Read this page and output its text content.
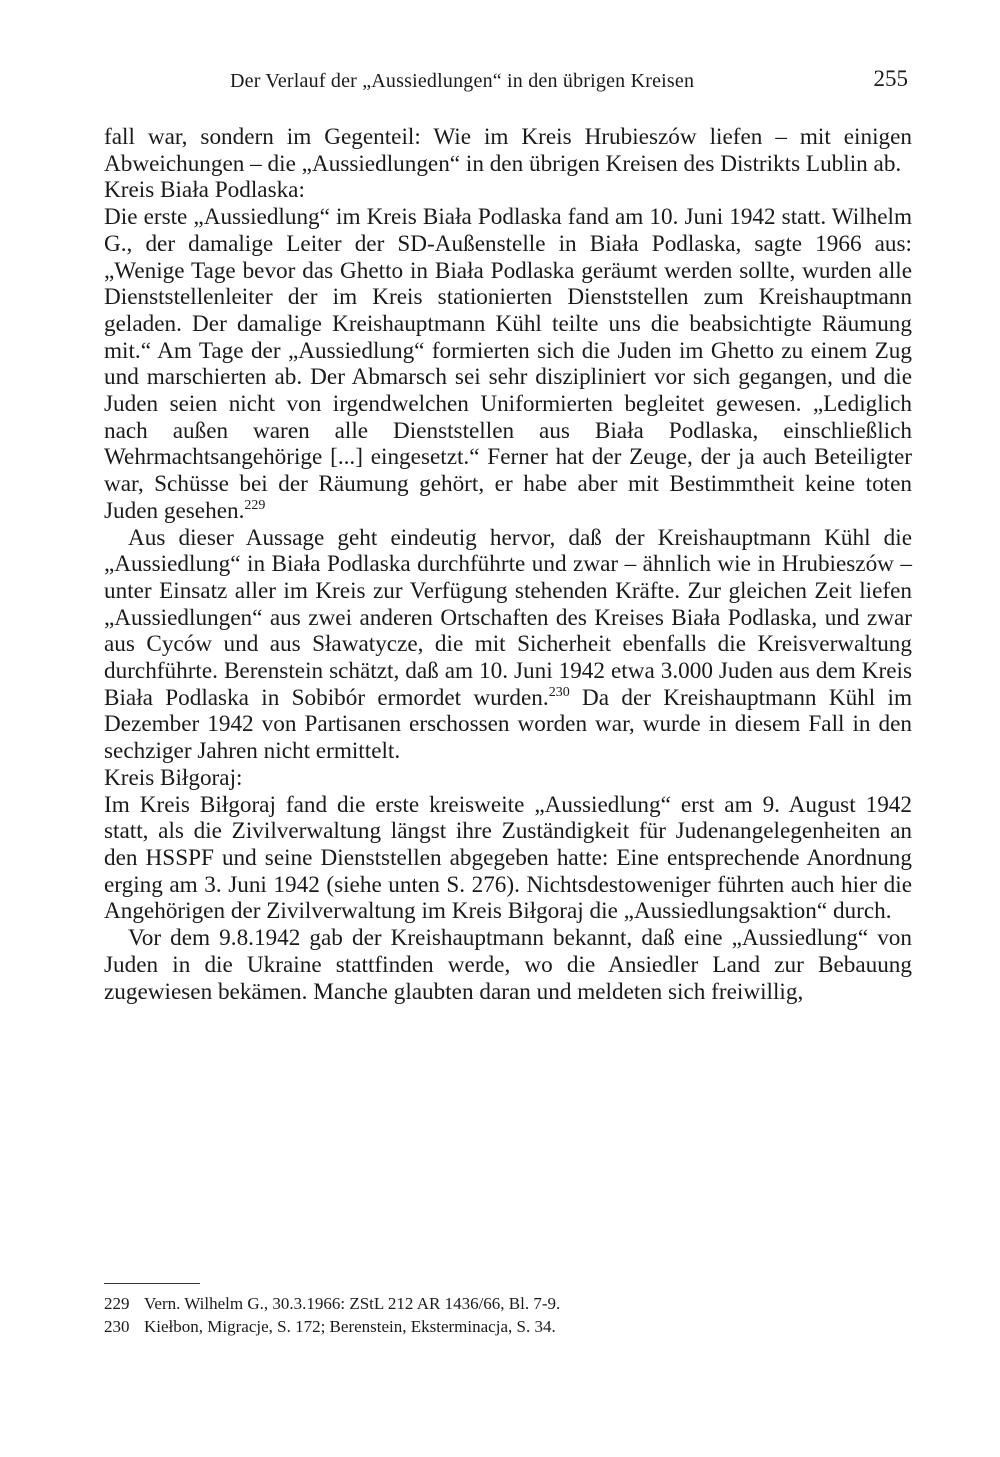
Der Verlauf der „Aussiedlungen“ in den übrigen Kreisen	255

fall war, sondern im Gegenteil: Wie im Kreis Hrubieszów liefen – mit einigen Abweichungen – die „Aussiedlungen“ in den übrigen Kreisen des Distrikts Lublin ab.

Kreis Biała Podlaska:

Die erste „Aussiedlung“ im Kreis Biała Podlaska fand am 10. Juni 1942 statt. Wilhelm G., der damalige Leiter der SD-Außenstelle in Biała Podlaska, sagte 1966 aus: „Wenige Tage bevor das Ghetto in Biała Podlaska geräumt werden sollte, wurden alle Dienststellenleiter der im Kreis stationierten Dienststellen zum Kreishauptmann geladen. Der damalige Kreishauptmann Kühl teilte uns die beabsichtigte Räumung mit.“ Am Tage der „Aussiedlung“ formierten sich die Juden im Ghetto zu einem Zug und marschierten ab. Der Abmarsch sei sehr diszipliniert vor sich gegangen, und die Juden seien nicht von irgendwelchen Uniformierten begleitet gewesen. „Lediglich nach außen waren alle Dienststellen aus Biała Podlaska, einschließlich Wehrmachtsangehörige [...] eingesetzt.“ Ferner hat der Zeuge, der ja auch Beteiligter war, Schüsse bei der Räumung gehört, er habe aber mit Bestimmtheit keine toten Juden gesehen.$^{229}$

Aus dieser Aussage geht eindeutig hervor, daß der Kreishauptmann Kühl die „Aussiedlung“ in Biała Podlaska durchführte und zwar – ähnlich wie in Hrubieszów – unter Einsatz aller im Kreis zur Verfügung stehenden Kräfte. Zur gleichen Zeit liefen „Aussiedlungen“ aus zwei anderen Ortschaften des Kreises Biała Podlaska, und zwar aus Cyców und aus Sławatycze, die mit Sicherheit ebenfalls die Kreisverwaltung durchführte. Berenstein schätzt, daß am 10. Juni 1942 etwa 3.000 Juden aus dem Kreis Biała Podlaska in Sobibór ermordet wurden.$^{230}$ Da der Kreishauptmann Kühl im Dezember 1942 von Partisanen erschossen worden war, wurde in diesem Fall in den sechziger Jahren nicht ermittelt.

Kreis Biłgoraj:

Im Kreis Biłgoraj fand die erste kreisweite „Aussiedlung“ erst am 9. August 1942 statt, als die Zivilverwaltung längst ihre Zuständigkeit für Judenangelegenheiten an den HSSPF und seine Dienststellen abgegeben hatte: Eine entsprechende Anordnung erging am 3. Juni 1942 (siehe unten S. 276). Nichtsdestoweniger führten auch hier die Angehörigen der Zivilverwaltung im Kreis Biłgoraj die „Aussiedlungsaktion“ durch.

Vor dem 9.8.1942 gab der Kreishauptmann bekannt, daß eine „Aussiedlung“ von Juden in die Ukraine stattfinden werde, wo die Ansiedler Land zur Bebauung zugewiesen bekämen. Manche glaubten daran und meldeten sich freiwillig,

229 Vern. Wilhelm G., 30.3.1966: ZStL 212 AR 1436/66, Bl. 7-9.
230 Kiełbon, Migracje, S. 172; Berenstein, Eksterminacja, S. 34.
